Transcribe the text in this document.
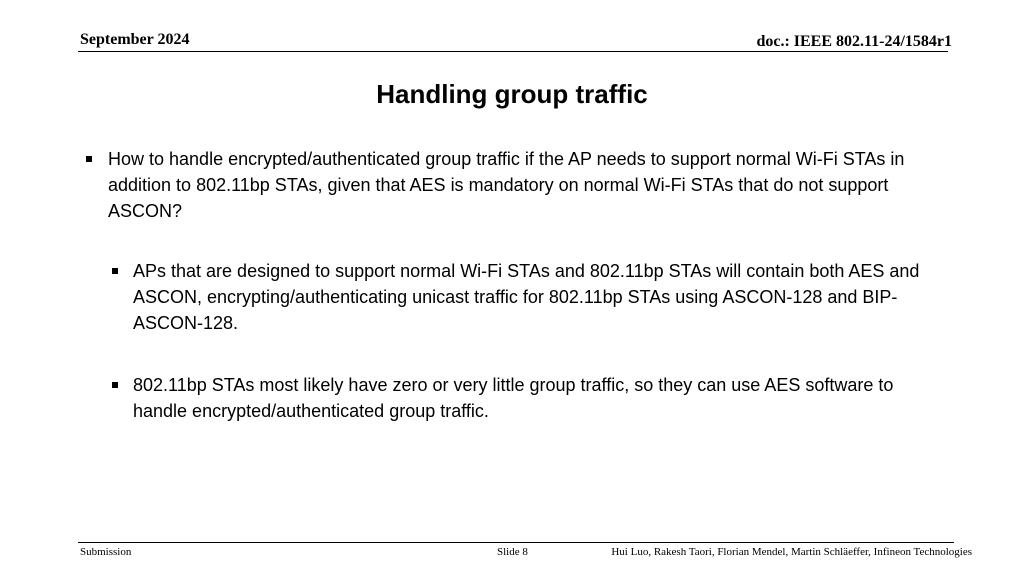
September 2024	doc.: IEEE 802.11-24/1584r1
Handling group traffic
How to handle encrypted/authenticated group traffic if the AP needs to support normal Wi-Fi STAs in addition to 802.11bp STAs, given that AES is mandatory on normal Wi-Fi STAs that do not support ASCON?
APs that are designed to support normal Wi-Fi STAs and 802.11bp STAs will contain both AES and ASCON, encrypting/authenticating unicast traffic for 802.11bp STAs using ASCON-128 and BIP-ASCON-128.
802.11bp STAs most likely have zero or very little group traffic, so they can use AES software to handle encrypted/authenticated group traffic.
Submission	Slide 8	Hui Luo, Rakesh Taori, Florian Mendel, Martin Schläeffer, Infineon Technologies
